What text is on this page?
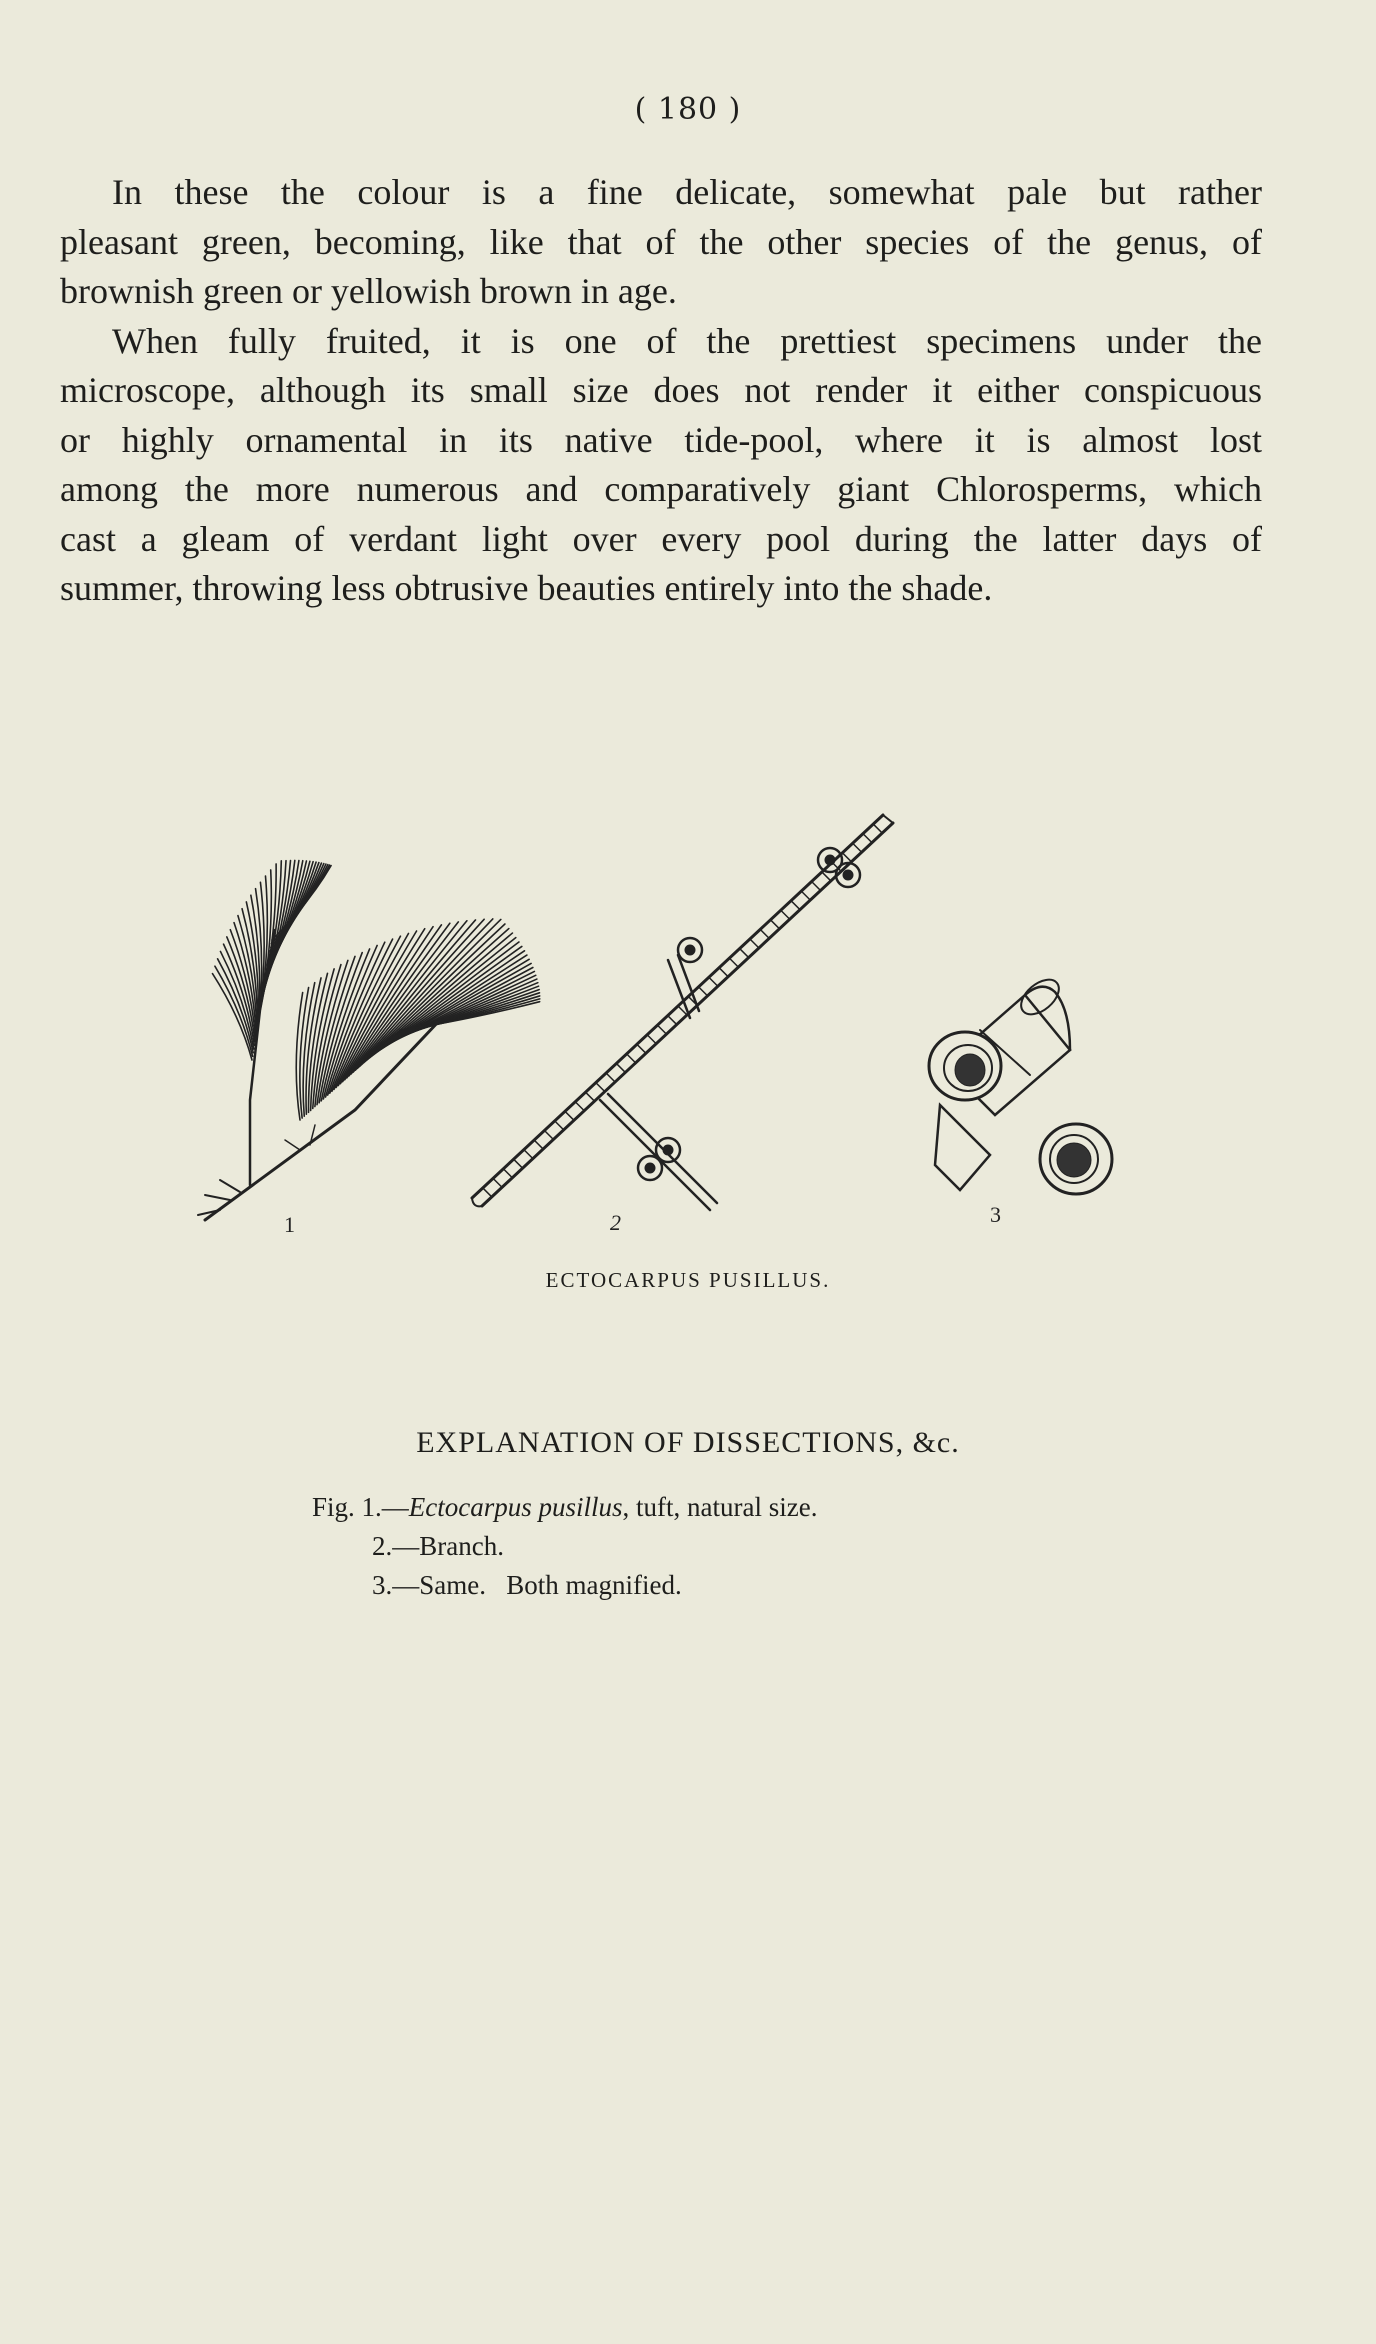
( 180 )
In these the colour is a fine delicate, somewhat pale but rather
pleasant green, becoming, like that of the other species of the genus, of
brownish green or yellowish brown in age.
When fully fruited, it is one of the prettiest specimens under the
microscope, although its small size does not render it either conspicuous
or highly ornamental in its native tide-pool, where it is almost lost
among the more numerous and comparatively giant Chlorosperms, which
cast a gleam of verdant light over every pool during the latter days of
summer, throwing less obtrusive beauties entirely into the shade.
1	2	3
ECTOCARPUS PUSILLUS.
EXPLANATION OF DISSECTIONS, &c.
Fig. 1.—Ectocarpus pusillus, tuft, natural size.
2.—Branch.
3.—Same.   Both magnified.
